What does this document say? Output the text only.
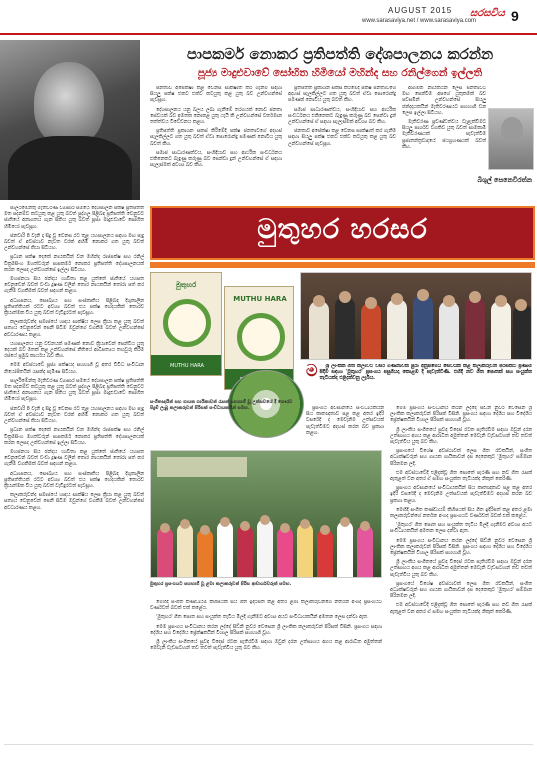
AUGUST 2015
www.sarasaviya.net / www.sarasaviya.com
සරසවිය 9
පාපකර්ම නොකර ප්‍රතිපත්ති දේශපාලනය කරන්න
පූජ්‍ය මාදුළුවාවේ සෝභිත හිමියෝ මහින්ද සහ රනිල්ගෙන් ඉල්ලති

පාර්ලිමේන්තු මැතිවරණ ව්‍යාපාර සමයේ දේශපාලන පක්ෂ ප්‍රතිපත්ති මත පදනම්ව කටයුතු කළ යුතු බවත් පුද්ගල පිළිබඳ ප්‍රතිපත්ති වෙනුවට ජාතියේ අනාගතය ගැන සිතිය යුතු බවත් පූජ්‍ය මාදුළුවාවේ සෝභිත හිමියෝ පැවසූහ.

ජනවාරි 8 වැනි දා සිදු වූ වෙනස රට තුළ යහපාලනය සඳහා මඟ පෑදු බවත් ඒ අවස්ථාව නැවත වරක් අහිමි නොකර ගත යුතු බවත් උන්වහන්සේ කියා සිටියහ.

ප්‍රධාන පක්ෂ දෙකේ නායකයින් වන මහින්ද රාජපක්ෂ සහ රනිල් වික්‍රමසිංහ මහත්වරුන් පාපකර්ම නොකර ප්‍රතිපත්ති දේශපාලනයක් කරන ලෙසද උන්වහන්සේ ඉල්ලා සිටියහ.

මහජනයා සිය ඡන්දය භාවිතා කළ යුත්තේ ජාතියේ යහපත වෙනුවෙන් බවත් වංචා දූෂණ වලින් තොර නායකයින් තෝරා පත් කර ගැනීම වගකීමක් බවත් සඳහන් කළහ.

අධ්‍යාපනය, සෞඛ්‍යය සහ සංස්කෘතිය පිළිබඳ දිගුකාලීන ප්‍රතිපත්තියක් රටට අවශ්‍ය බවත් එය පක්ෂ භේදයකින් තොරව ක්‍රියාත්මක විය යුතු බවත් වැඩිදුරටත් පැවසූහ.

කලාකරුවන්ද සමාජයේ හෘදය සාක්ෂිය ලෙස ක්‍රියා කළ යුතු බවත් සත්‍යය වෙනුවෙන් පෙනී සිටීම ඔවුන්ගේ වගකීම බවත් උන්වහන්සේ අවධාරණය කළහ.

යහපාලනය යනු වචනයක් පමණක් නොව ක්‍රියාවෙන් පෙන්විය යුතු දෙයක් බව මතක් කළ උන්වහන්සේ නීතියේ ආධිපත්‍යය තහවුරු කිරීම රජයේ ප්‍රමුඛ කාර්යය බව කීහ.

මෙම අවස්ථාවේ පූජ්‍ය පක්ෂයද සහභාගී වූ අතර විවිධ සංවිධාන නියෝජිතයින් රැසක්ද පැමිණ සිටියහ.

පාර්ලිමේන්තු මැතිවරණ ව්‍යාපාර සමයේ දේශපාලන පක්ෂ ප්‍රතිපත්ති මත පදනම්ව කටයුතු කළ යුතු බවත් පුද්ගල පිළිබඳ ප්‍රතිපත්ති වෙනුවට ජාතියේ අනාගතය ගැන සිතිය යුතු බවත් පූජ්‍ය මාදුළුවාවේ සෝභිත හිමියෝ පැවසූහ.

ජනවාරි 8 වැනි දා සිදු වූ වෙනස රට තුළ යහපාලනය සඳහා මඟ පෑදු බවත් ඒ අවස්ථාව නැවත වරක් අහිමි නොකර ගත යුතු බවත් උන්වහන්සේ කියා සිටියහ.

ප්‍රධාන පක්ෂ දෙකේ නායකයින් වන මහින්ද රාජපක්ෂ සහ රනිල් වික්‍රමසිංහ මහත්වරුන් පාපකර්ම නොකර ප්‍රතිපත්ති දේශපාලනයක් කරන ලෙසද උන්වහන්සේ ඉල්ලා සිටියහ.

මහජනයා සිය ඡන්දය භාවිතා කළ යුත්තේ ජාතියේ යහපත වෙනුවෙන් බවත් වංචා දූෂණ වලින් තොර නායකයින් තෝරා පත් කර ගැනීම වගකීමක් බවත් සඳහන් කළහ.

අධ්‍යාපනය, සෞඛ්‍යය සහ සංස්කෘතිය පිළිබඳ දිගුකාලීන ප්‍රතිපත්තියක් රටට අවශ්‍ය බවත් එය පක්ෂ භේදයකින් තොරව ක්‍රියාත්මක විය යුතු බවත් වැඩිදුරටත් පැවසූහ.

කලාකරුවන්ද සමාජයේ හෘදය සාක්ෂිය ලෙස ක්‍රියා කළ යුතු බවත් සත්‍යය වෙනුවෙන් පෙනී සිටීම ඔවුන්ගේ වගකීම බවත් උන්වහන්සේ අවධාරණය කළහ.

ජනතාව අපේක්ෂා කළ වෙනස සාක්ෂාත් කර ගැනීම සඳහා සියලු පක්ෂ එකට එක්ව කටයුතු කළ යුතු බව උන්වහන්සේ පැවසූහ.

දේශපාලනය යනු බලය ලබා ගැනීමේ තරගයක් නොව ජනතා සේවයක් බව අමතක නොකළ යුතු යැයි කී උන්වහන්සේ වර්තමාන තත්ත්වය විවේචනය කළහ.

ප්‍රතිපත්ති ප්‍රකාශන සකස් කිරීමේදී පක්ෂ ජනතාවගේ අදහස් සැලකිල්ලට ගත යුතු බවත් ඒවා පොරොන්දු පමණක් නොවිය යුතු බවත් කීහ.

සමාජ සාධාරණත්වය, සංහිඳියාව සහ ආර්ථික සංවර්ධනය එකිනෙකට බැඳුණු කරුණු බව පෙන්වා දුන් උන්වහන්සේ ඒ සඳහා සැලැස්මක් අවශ්‍ය බව කීහ.

ප්‍රතිපත්ති ප්‍රකාශන සකස් කිරීමේදී පක්ෂ ජනතාවගේ අදහස් සැලකිල්ලට ගත යුතු බවත් ඒවා පොරොන්දු පමණක් නොවිය යුතු බවත් කීහ.

සමාජ සාධාරණත්වය, සංහිඳියාව සහ ආර්ථික සංවර්ධනය එකිනෙකට බැඳුණු කරුණු බව පෙන්වා දුන් උන්වහන්සේ ඒ සඳහා සැලැස්මක් අවශ්‍ය බව කීහ.

ජනතාව අපේක්ෂා කළ වෙනස සාක්ෂාත් කර ගැනීම සඳහා සියලු පක්ෂ එකට එක්ව කටයුතු කළ යුතු බව උන්වහන්සේ පැවසූහ.

ආගමික නායකයින් ලෙස ජනතාවට මඟ පෙන්වීම අපගේ යුතුකමක් බව පවසමින් උන්වහන්සේ සියලු ඡන්දදායකයින් මැතිවරණයට සහභාගී වන ලෙස ඉල්ලා සිටියහ.

මැතිවරණ ප්‍රචණ්ඩත්වය වැළැක්වීමට සියලු පාර්ශව වගකිව යුතු බවත් සාමකාමී මැතිවරණයක් පැවැත්වීම ප්‍රජාතන්ත්‍රවාදයේ ජයග්‍රහණයක් බවත් කීහ.

බිශුල් සෙනෙවිරත්න
මුතුහර හරසර

ම ශ්‍රී ලාංකික ගීත කලාවට වසර ගණනාවක් පුරා අනුපමේය සේවයක් කළ කලාකරුවන් පිරිසකට ප්‍රණාම පිදීම සඳහා 'මුතුහර' ප්‍රසංගය පසුගියදා කොළඹ දී පැවැත්විණි. එහිදී නව ගීත පොතක් සහ සංයුක්ත තැටියක්ද එළිදක්වනු ලැබීය.

මුතුහර
MUTHU HARA
MUTHU HARA
සංගීතඥයින් සහ ගායක ගායිකාවන් රැසක් සහභාගී වූ උත්සවයේ දී ගෞරව පිදුම් ලැබූ කලාකරුවන් පිරිසක් සංවිධායකයින් සමඟ.	මෙම ප්‍රසංගය සංවිධානය කරන ලද්දේ සිඩ්නි නුවර වෙසෙන ශ්‍රී ලාංකික කලාකරුවන් පිරිසක් විසිනි. ප්‍රසංගය සඳහා දේශීය සහ විදේශීය ප්‍රේක්ෂකයින් විශාල පිරිසක් සහභාගී වූහ.

ශ්‍රී ලාංකීය සංගීතයේ සුවඳ විදෙස් රටක පැතිරවීම සඳහා ඔවුන් දරන උත්සාහය අගය කළ ආරාධිත අමුත්තන් මෙවැනි වැඩසටහන් තව තවත් පැවැත්විය යුතු බව කීහ.

ප්‍රසංගයේ විශේෂ අවස්ථාවක් ලෙස ගීත රචකයින්, සංගීත අධ්‍යක්ෂවරුන් සහ ගායක ගායිකාවන් දස දෙනෙකුට 'මුතුහර' සම්මාන පිරිනමන ලදී.

එම අවස්ථාවේදී එළිදැක්වූ ගීත පොතේ පැරණි සහ නව ගීත රැසක් ඇතුළත් වන අතර ඒ සමඟ සංයුක්ත තැටියක්ද නිකුත් කෙරිණි.

ප්‍රසංගය අවසානයේ සංවිධායකයින් සිය කෘතඥතාව පළ කළ අතර ඉදිරි වසරේදී ද මෙවැනිම උත්සවයක් පැවැත්වීමට අදහස් කරන බව ප්‍රකාශ කළහ.

මෙහිදී සංගීත කණ්ඩායම් කිහිපයක් සිය ගීත ඉදිරිපත් කළ අතර ළමා කලාකරුවන්ගේ නර්තන අංගද ප්‍රසංගයට වර්ණවත් බවක් එක් කළේය.

'මුතුහර' ගීත පොත සහ සංයුක්ත තැටිය මිලදී ගැනීමට අවශ්‍ය අයට සංවිධායකයින් අමතන ලෙස දන්වා ඇත.

මෙම ප්‍රසංගය සංවිධානය කරන ලද්දේ සිඩ්නි නුවර වෙසෙන ශ්‍රී ලාංකික කලාකරුවන් පිරිසක් විසිනි. ප්‍රසංගය සඳහා දේශීය සහ විදේශීය ප්‍රේක්ෂකයින් විශාල පිරිසක් සහභාගී වූහ.

ශ්‍රී ලාංකීය සංගීතයේ සුවඳ විදෙස් රටක පැතිරවීම සඳහා ඔවුන් දරන උත්සාහය අගය කළ ආරාධිත අමුත්තන් මෙවැනි වැඩසටහන් තව තවත් පැවැත්විය යුතු බව කීහ.

ප්‍රසංගයේ විශේෂ අවස්ථාවක් ලෙස ගීත රචකයින්, සංගීත අධ්‍යක්ෂවරුන් සහ ගායක ගායිකාවන් දස දෙනෙකුට 'මුතුහර' සම්මාන පිරිනමන ලදී.

එම අවස්ථාවේදී එළිදැක්වූ ගීත පොතේ පැරණි සහ නව ගීත රැසක් ඇතුළත් වන අතර ඒ සමඟ සංයුක්ත තැටියක්ද නිකුත් කෙරිණි.

ප්‍රසංගය අවසානයේ සංවිධායකයින් සිය කෘතඥතාව පළ කළ අතර ඉදිරි වසරේදී ද මෙවැනිම උත්සවයක් පැවැත්වීමට අදහස් කරන බව ප්‍රකාශ කළහ.

මුතුහර ප්‍රසංගයට සහභාගී වූ ළමා කලාකරුවන් පිරිස ආචාර්යවරුන් සමඟ.

මෙහිදී සංගීත කණ්ඩායම් කිහිපයක් සිය ගීත ඉදිරිපත් කළ අතර ළමා කලාකරුවන්ගේ නර්තන අංගද ප්‍රසංගයට වර්ණවත් බවක් එක් කළේය.

'මුතුහර' ගීත පොත සහ සංයුක්ත තැටිය මිලදී ගැනීමට අවශ්‍ය අයට සංවිධායකයින් අමතන ලෙස දන්වා ඇත.

මෙම ප්‍රසංගය සංවිධානය කරන ලද්දේ සිඩ්නි නුවර වෙසෙන ශ්‍රී ලාංකික කලාකරුවන් පිරිසක් විසිනි. ප්‍රසංගය සඳහා දේශීය සහ විදේශීය ප්‍රේක්ෂකයින් විශාල පිරිසක් සහභාගී වූහ.

ශ්‍රී ලාංකීය සංගීතයේ සුවඳ විදෙස් රටක පැතිරවීම සඳහා ඔවුන් දරන උත්සාහය අගය කළ ආරාධිත අමුත්තන් මෙවැනි වැඩසටහන් තව තවත් පැවැත්විය යුතු බව කීහ.
